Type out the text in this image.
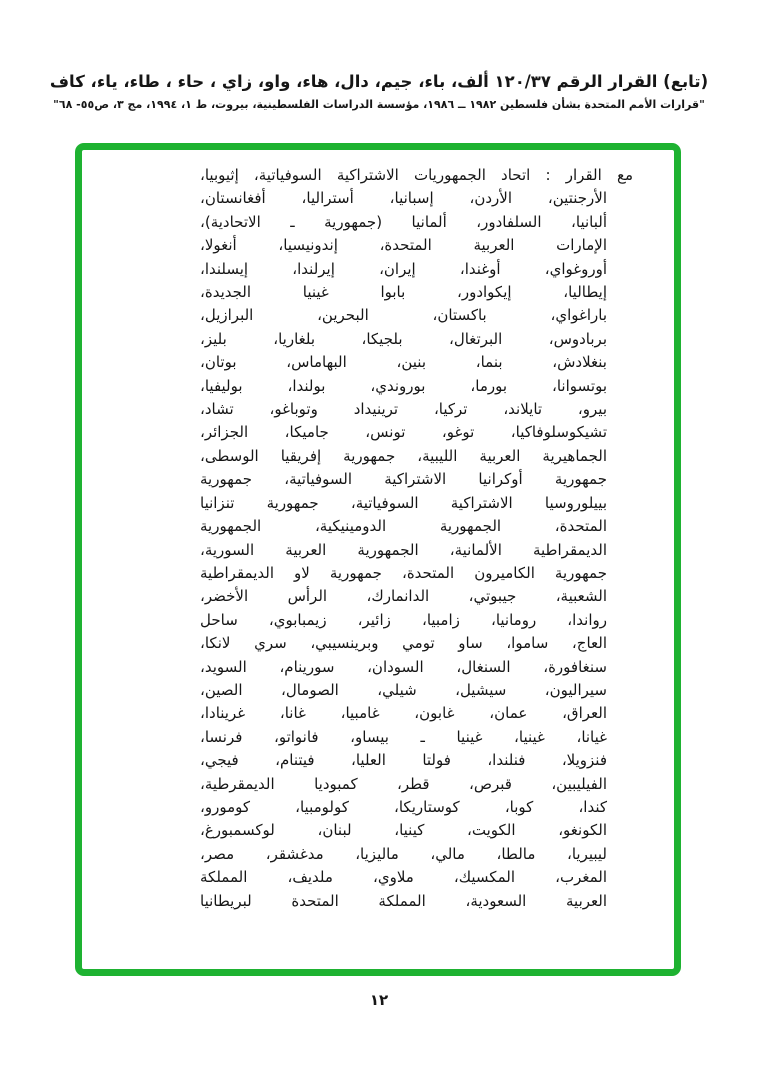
(تابع) القرار الرقم ١٢٠/٣٧ ألف، باء، جيم، دال، هاء، واو، زاي ، حاء ، طاء، ياء، كاف
"قرارات الأمم المتحدة بشأن فلسطين ١٩٨٢ ــ ١٩٨٦، مؤسسة الدراسات الفلسطينية، بيروت، ط ١، ١٩٩٤، مج ٣، ص٥٥- ٦٨"
مع القرار : اتحاد الجمهوريات الاشتراكية السوفياتية، إثيوبيا،
الأرجنتين، الأردن، إسبانيا، أستراليا، أفغانستان،
ألبانيا، السلفادور، ألمانيا (جمهورية ـ الاتحادية)،
الإمارات العربية المتحدة، إندونيسيا، أنغولا،
أوروغواي، أوغندا، إيران، إيرلندا، إيسلندا،
إيطاليا، إيكوادور، بابوا غينيا الجديدة،
باراغواي، باكستان، البحرين، البرازيل،
بربادوس، البرتغال، بلجيكا، بلغاريا، بليز،
بنغلادش، بنما، بنين، البهاماس، بوتان،
بوتسوانا، بورما، بوروندي، بولندا، بوليفيا،
بيرو، تايلاند، تركيا، ترينيداد وتوباغو، تشاد،
تشيكوسلوفاكيا، توغو، تونس، جاميكا، الجزائر،
الجماهيرية العربية الليبية، جمهورية إفريقيا الوسطى،
جمهورية أوكرانيا الاشتراكية السوفياتية، جمهورية
بييلوروسيا الاشتراكية السوفياتية، جمهورية تنزانيا
المتحدة، الجمهورية الدومينيكية، الجمهورية
الديمقراطية الألمانية، الجمهورية العربية السورية،
جمهورية الكاميرون المتحدة، جمهورية لاو الديمقراطية
الشعبية، جيبوتي، الدانمارك، الرأس الأخضر،
رواندا، رومانيا، زامبيا، زائير، زيمبابوي، ساحل
العاج، ساموا، ساو تومي وبرينسيبي، سري لانكا،
سنغافورة، السنغال، السودان، سورينام، السويد،
سيراليون، سيشيل، شيلي، الصومال، الصين،
العراق، عمان، غابون، غامبيا، غانا، غرينادا،
غيانا، غينيا، غينيا ـ بيساو، فانواتو، فرنسا،
فنزويلا، فنلندا، فولتا العليا، فيتنام، فيجي،
الفيليبين، قبرص، قطر، كمبوديا الديمقرطية،
كندا، كوبا، كوستاريكا، كولومبيا، كومورو،
الكونغو، الكويت، كينيا، لبنان، لوكسمبورغ،
ليبيريا، مالطا، مالي، ماليزيا، مدغشقر، مصر،
المغرب، المكسيك، ملاوي، ملديف، المملكة
العربية السعودية، المملكة المتحدة لبريطانيا
١٢
